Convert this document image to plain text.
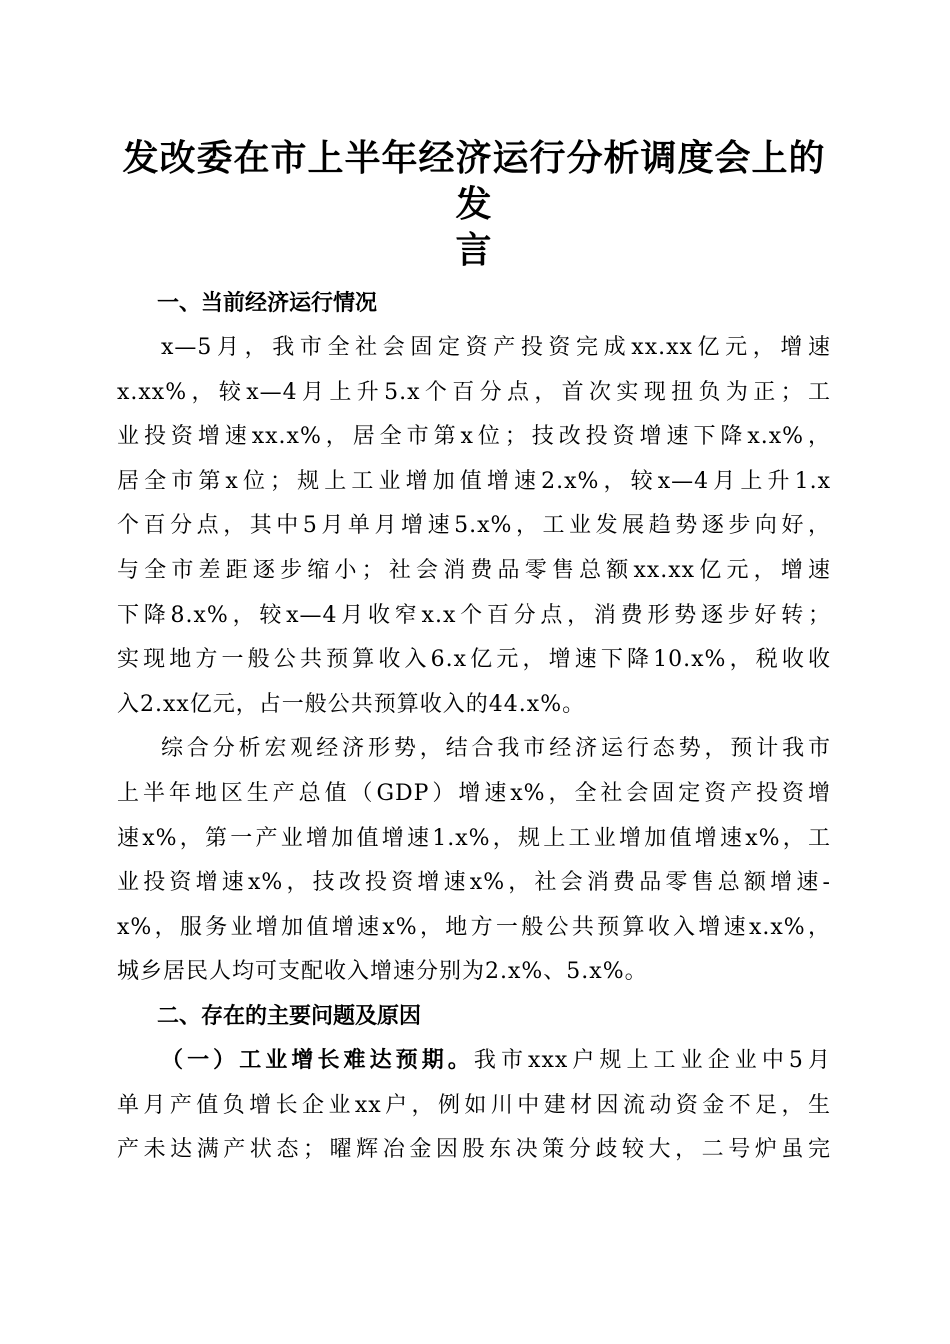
发改委在市上半年经济运行分析调度会上的发
言

一、当前经济运行情况

x—5月，我市全社会固定资产投资完成xx.xx亿元，增速
x.xx%，较x—4月上升5.x个百分点，首次实现扭负为正；工
业投资增速xx.x%，居全市第x位；技改投资增速下降x.x%，
居全市第x位；规上工业增加值增速2.x%，较x—4月上升1.x
个百分点，其中5月单月增速5.x%，工业发展趋势逐步向好，
与全市差距逐步缩小；社会消费品零售总额xx.xx亿元，增速
下降8.x%，较x—4月收窄x.x个百分点，消费形势逐步好转；
实现地方一般公共预算收入6.x亿元，增速下降10.x%，税收收
入2.xx亿元，占一般公共预算收入的44.x%。

综合分析宏观经济形势，结合我市经济运行态势，预计我市
上半年地区生产总值（GDP）增速x%，全社会固定资产投资增
速x%，第一产业增加值增速1.x%，规上工业增加值增速x%，工
业投资增速x%，技改投资增速x%，社会消费品零售总额增速-
x%，服务业增加值增速x%，地方一般公共预算收入增速x.x%，
城乡居民人均可支配收入增速分别为2.x%、5.x%。

二、存在的主要问题及原因

（一）工业增长难达预期。我市xxx户规上工业企业中5月
单月产值负增长企业xx户，例如川中建材因流动资金不足，生
产未达满产状态；曜辉冶金因股东决策分歧较大，二号炉虽完
